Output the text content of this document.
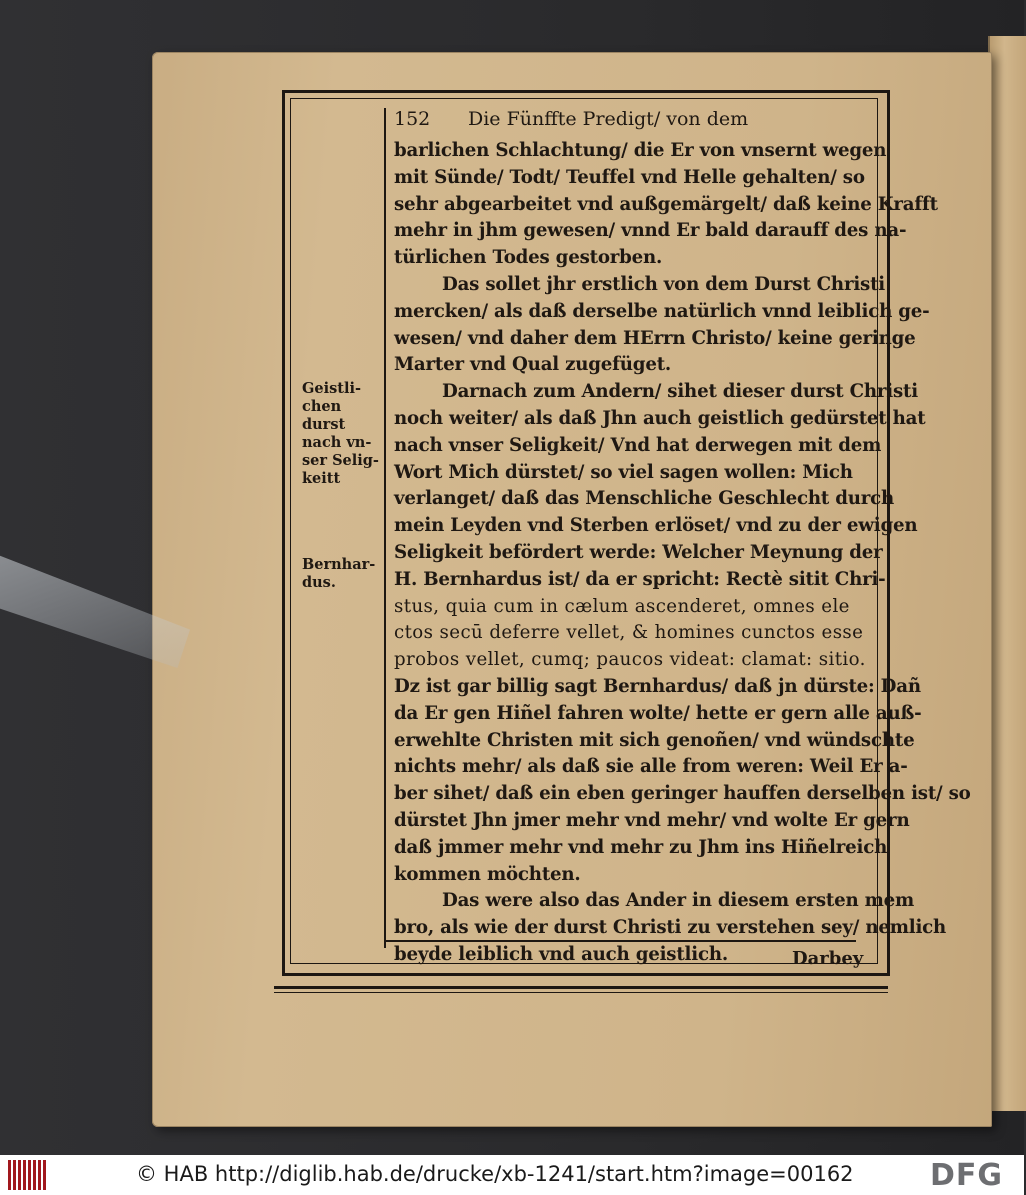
152 Die Fünffte Predigt/ von dem
barlichen Schlachtung/ die Er von vnsernt wegen
mit Sünde/ Todt/ Teuffel vnd Helle gehalten/ so
sehr abgearbeitet vnd außgemärgelt/ daß keine Krafft
mehr in jhm gewesen/ vnnd Er bald darauff des na-
türlichen Todes gestorben.
Das sollet jhr erstlich von dem Durst Christi
mercken/ als daß derselbe natürlich vnnd leiblich ge-
wesen/ vnd daher dem HErrn Christo/ keine geringe
Marter vnd Qual zugefüget.
Darnach zum Andern/ sihet dieser durst Christi
noch weiter/ als daß Jhn auch geistlich gedürstet hat
nach vnser Seligkeit/ Vnd hat derwegen mit dem
Wort Mich dürstet/ so viel sagen wollen: Mich
verlanget/ daß das Menschliche Geschlecht durch
mein Leyden vnd Sterben erlöset/ vnd zu der ewigen
Seligkeit befördert werde: Welcher Meynung der
H. Bernhardus ist/ da er spricht: Rectè sitit Chri-
stus, quia cum in cælum ascenderet, omnes ele
ctos secū deferre vellet, & homines cunctos esse
probos vellet, cumq; paucos videat: clamat: sitio.
Dz ist gar billig sagt Bernhardus/ daß jn dürste: Dañ
da Er gen Hiñel fahren wolte/ hette er gern alle auß-
erwehlte Christen mit sich genoñen/ vnd wündschte
nichts mehr/ als daß sie alle from weren: Weil Er a-
ber sihet/ daß ein eben geringer hauffen derselben ist/ so
dürstet Jhn jmer mehr vnd mehr/ vnd wolte Er gern
daß jmmer mehr vnd mehr zu Jhm ins Hiñelreich
kommen möchten.
Das were also das Ander in diesem ersten mem
bro, als wie der durst Christi zu verstehen sey/ nemlich
beyde leiblich vnd auch geistlich.
Geistli-
chen durst
nach vn-
ser Selig-
keitt
Bernhar-
dus.
Darbey
© HAB http://diglib.hab.de/drucke/xb-1241/start.htm?image=00162	DFG
